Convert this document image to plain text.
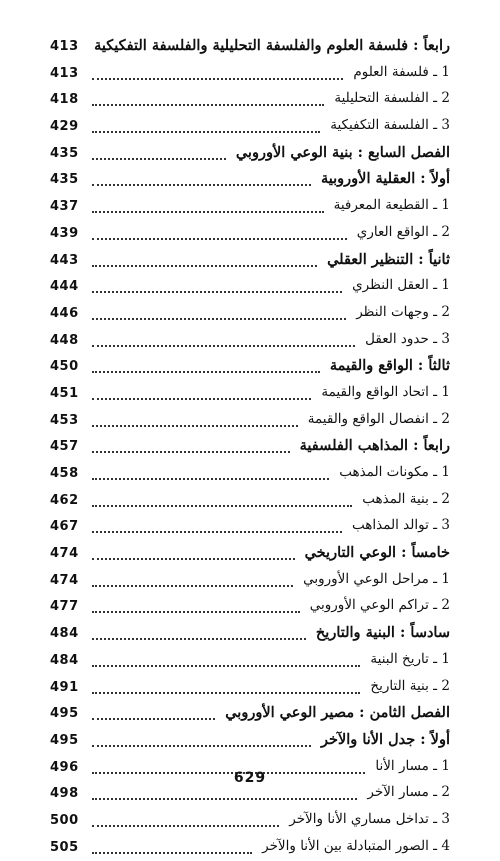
413 رابعاً : فلسفة العلوم والفلسفة التحليلية والفلسفة التفكيكية
413	1 ـ فلسفة العلوم
418	2 ـ الفلسفة التحليلية
429	3 ـ الفلسفة التكفيكية
435	الفصل السابع : بنية الوعي الأوروبي
435	أولاً : العقلية الأوروبية
437	1 ـ القطيعة المعرفية
439	2 ـ الواقع العاري
443	ثانياً : التنظير العقلي
444	1 ـ العقل النظري
446	2 ـ وجهات النظر
448	3 ـ حدود العقل
450	ثالثاً : الواقع والقيمة
451	1 ـ اتحاد الواقع والقيمة
453	2 ـ انفصال الواقع والقيمة
457	رابعاً : المذاهب الفلسفية
458	1 ـ مكونات المذهب
462	2 ـ بنية المذهب
467	3 ـ توالد المذاهب
474	خامساً : الوعي التاريخي
474	1 ـ مراحل الوعي الأوروبي
477	2 ـ تراكم الوعي الأوروبي
484	سادساً : البنية والتاريخ
484	1 ـ تاريخ البنية
491	2 ـ بنية التاريخ
495	الفصل الثامن : مصير الوعي الأوروبي
495	أولاً : جدل الأنا والآخر
496	1 ـ مسار الأنا
498	2 ـ مسار الآخر
500	3 ـ تداخل مساري الأنا والآخر
505	4 ـ الصور المتبادلة بين الأنا والآخر
629
